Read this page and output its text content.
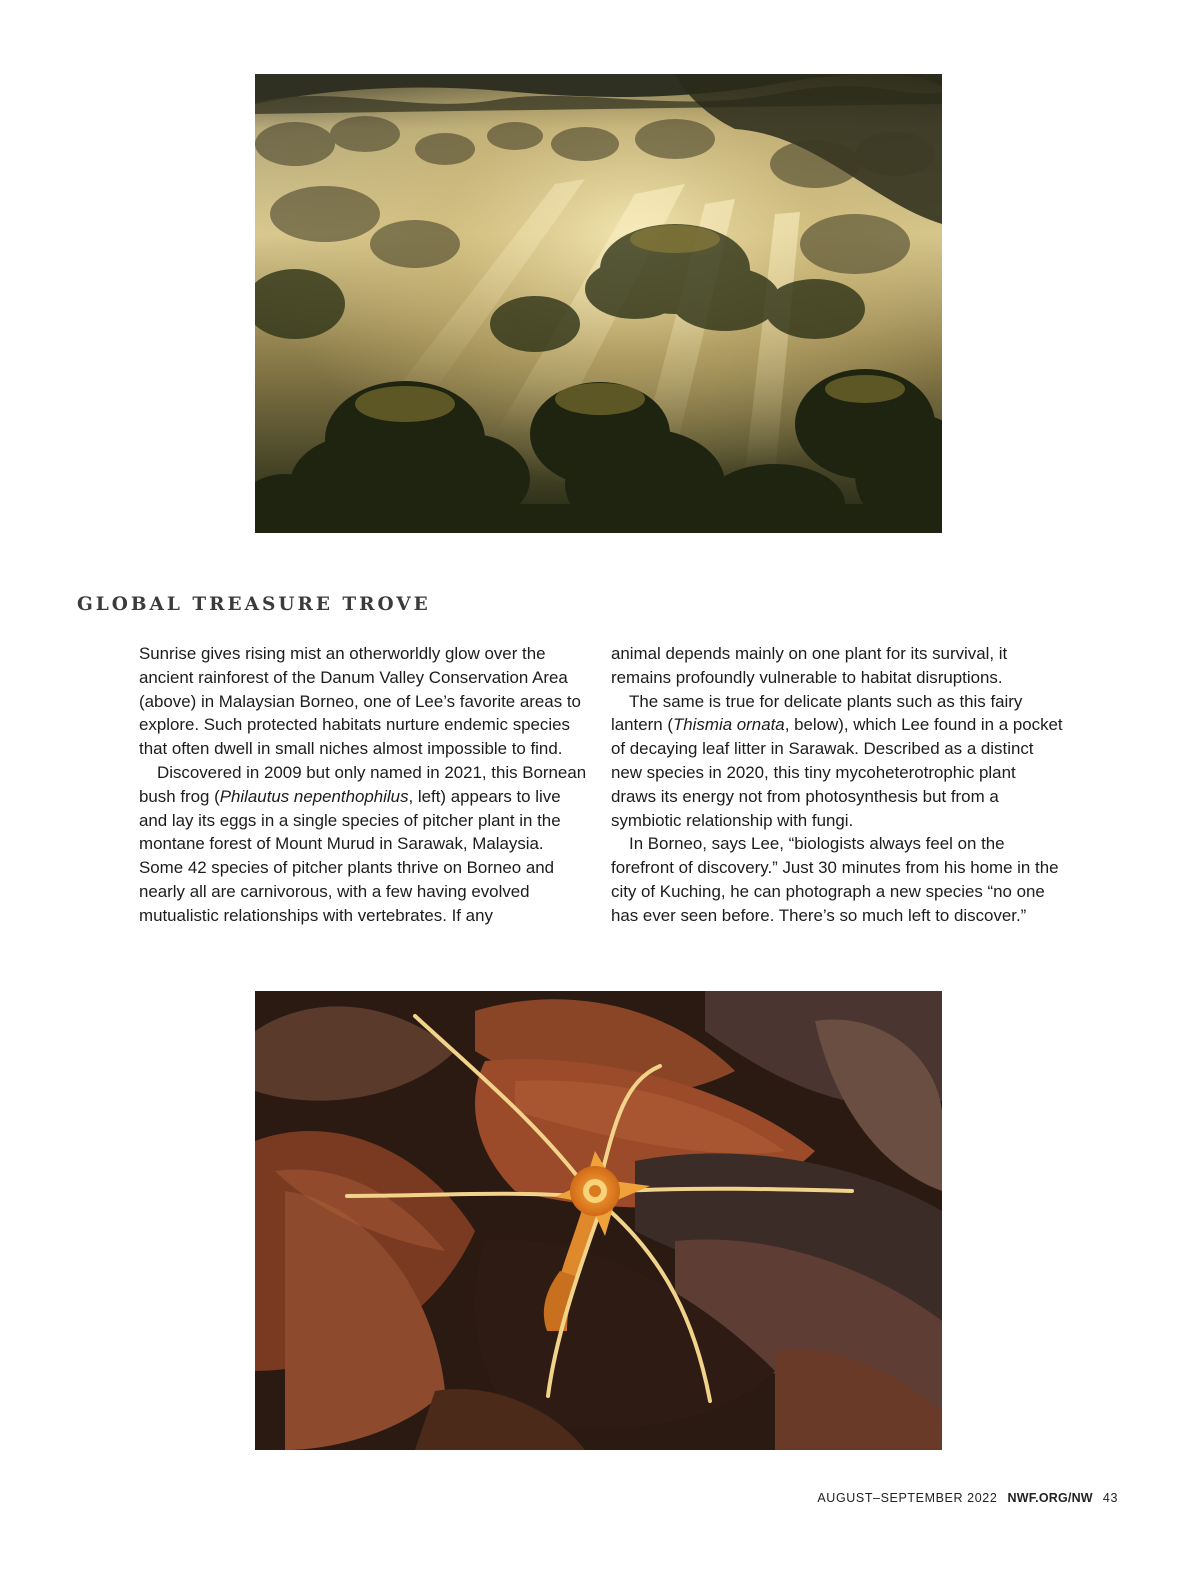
GLOBAL TREASURE TROVE

Sunrise gives rising mist an otherworldly glow over the ancient rainforest of the Danum Valley Conservation Area (above) in Malaysian Borneo, one of Lee’s favorite areas to explore. Such protected habitats nurture endemic species that often dwell in small niches almost impossible to find.

Discovered in 2009 but only named in 2021, this Bornean bush frog (Philautus nepenthophilus, left) appears to live and lay its eggs in a single species of pitcher plant in the montane forest of Mount Murud in Sarawak, Malaysia. Some 42 species of pitcher plants thrive on Borneo and nearly all are carnivorous, with a few having evolved mutualistic relationships with vertebrates. If any

animal depends mainly on one plant for its survival, it remains profoundly vulnerable to habitat disruptions.

The same is true for delicate plants such as this fairy lantern (Thismia ornata, below), which Lee found in a pocket of decaying leaf litter in Sarawak. Described as a distinct new species in 2020, this tiny mycoheterotrophic plant draws its energy not from photosynthesis but from a symbiotic relationship with fungi.

In Borneo, says Lee, “biologists always feel on the forefront of discovery.” Just 30 minutes from his home in the city of Kuching, he can photograph a new species “no one has ever seen before. There’s so much left to discover.”

AUGUST–SEPTEMBER 2022 NWF.ORG/NW 43
